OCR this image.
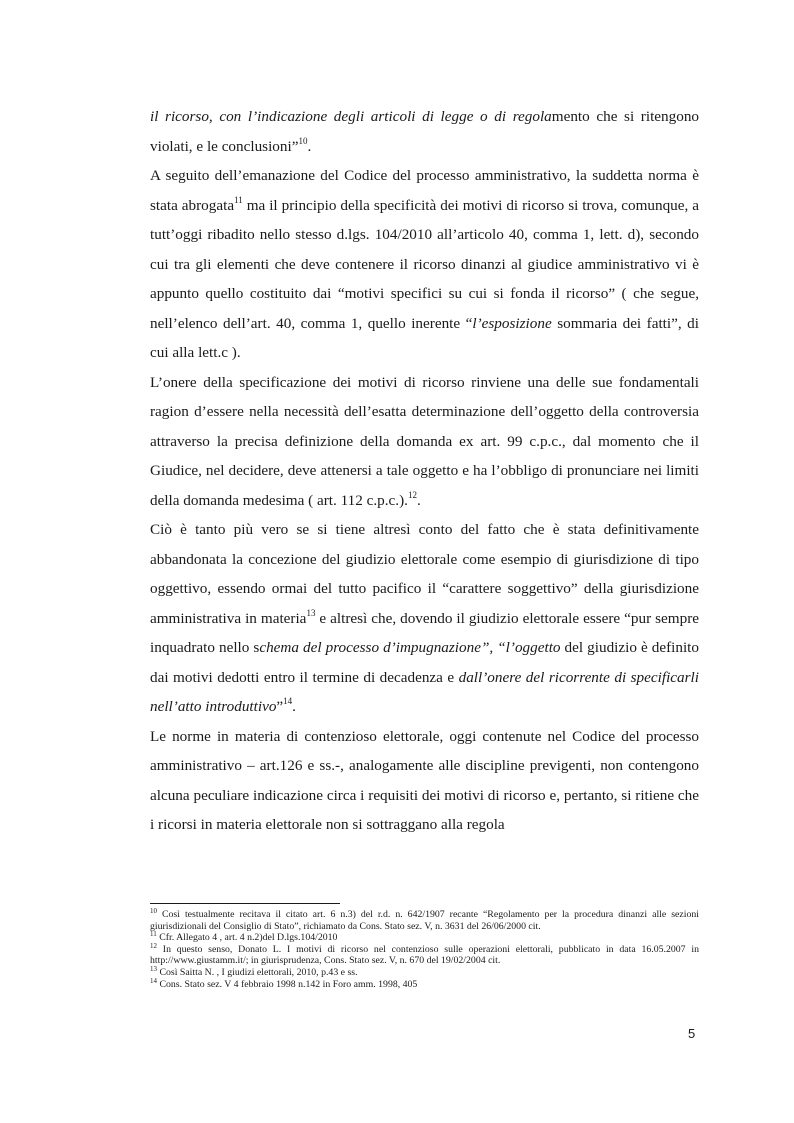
il ricorso, con l’indicazione degli articoli di legge o di regolamento che si ritengono violati, e le conclusioni”$^{10}$.

A seguito dell’emanazione del Codice del processo amministrativo, la suddetta norma è stata abrogata$^{11}$ ma il principio della specificità dei motivi di ricorso si trova, comunque, a tutt’oggi ribadito nello stesso d.lgs. 104/2010 all’articolo 40, comma 1, lett. d), secondo cui tra gli elementi che deve contenere il ricorso dinanzi al giudice amministrativo vi è appunto quello costituito dai “motivi specifici su cui si fonda il ricorso” ( che segue, nell’elenco dell’art. 40, comma 1, quello inerente “l’esposizione sommaria dei fatti”, di cui alla lett.c ).

L’onere della specificazione dei motivi di ricorso rinviene una delle sue fondamentali ragion d’essere nella necessità dell’esatta determinazione dell’oggetto della controversia attraverso la precisa definizione della domanda ex art. 99 c.p.c., dal momento che il Giudice, nel decidere, deve attenersi a tale oggetto e ha l’obbligo di pronunciare nei limiti della domanda medesima ( art. 112 c.p.c.).$^{12}$.

Ciò è tanto più vero se si tiene altresì conto del fatto che è stata definitivamente abbandonata la concezione del giudizio elettorale come esempio di giurisdizione di tipo oggettivo, essendo ormai del tutto pacifico il “carattere soggettivo” della giurisdizione amministrativa in materia$^{13}$ e altresì che, dovendo il giudizio elettorale essere “pur sempre inquadrato nello schema del processo d’impugnazione”, “l’oggetto del giudizio è definito dai motivi dedotti entro il termine di decadenza e dall’onere del ricorrente di specificarli nell’atto introduttivo”$^{14}$.

Le norme in materia di contenzioso elettorale, oggi contenute nel Codice del processo amministrativo – art.126 e ss.-, analogamente alle discipline previgenti, non contengono alcuna peculiare indicazione circa i requisiti dei motivi di ricorso e, pertanto, si ritiene che i ricorsi in materia elettorale non si sottraggano alla regola

$^{10}$ Così testualmente recitava il citato art. 6 n.3) del r.d. n. 642/1907 recante “Regolamento per la procedura dinanzi alle sezioni giurisdizionali del Consiglio di Stato”, richiamato da Cons. Stato sez. V, n. 3631 del 26/06/2000 cit.

$^{11}$ Cfr. Allegato 4 , art. 4 n.2)del D.lgs.104/2010

$^{12}$ In questo senso, Donato L. I motivi di ricorso nel contenzioso sulle operazioni elettorali, pubblicato in data 16.05.2007 in http://www.giustamm.it/; in giurisprudenza, Cons. Stato sez. V, n. 670 del 19/02/2004 cit.

$^{13}$ Così Saitta N. , I giudizi elettorali, 2010, p.43 e ss.

$^{14}$ Cons. Stato sez. V 4 febbraio 1998 n.142 in Foro amm. 1998, 405

5
